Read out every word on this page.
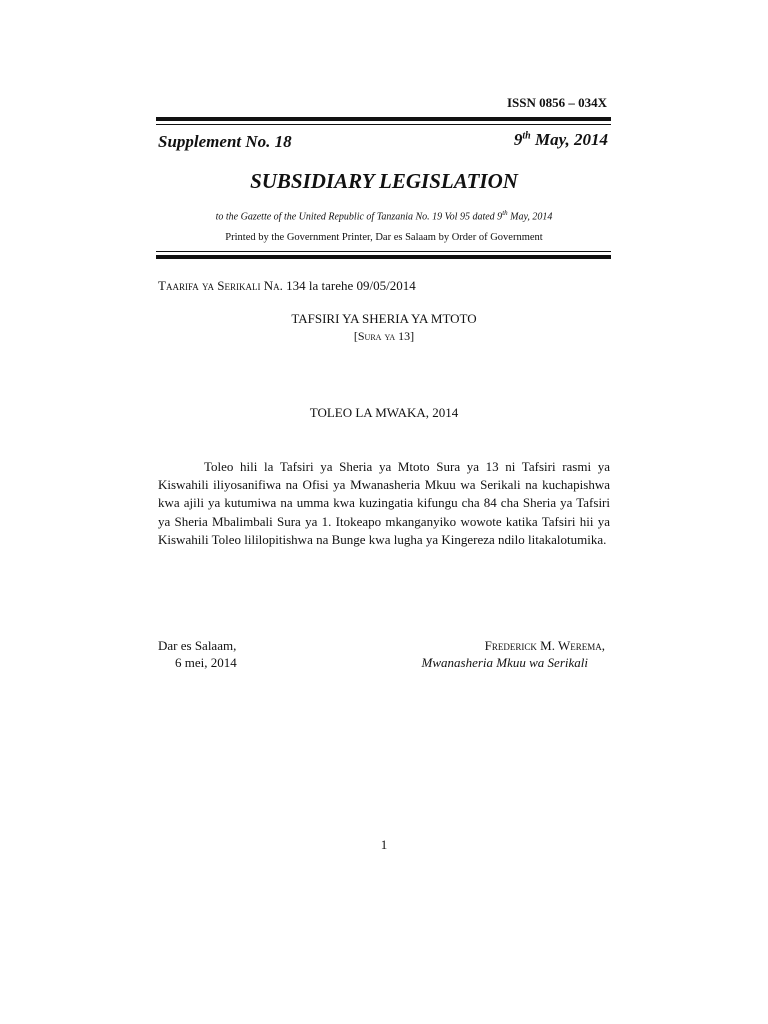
ISSN 0856 – 034X
Supplement No. 18	9th May, 2014
SUBSIDIARY LEGISLATION
to the Gazette of the United Republic of Tanzania No. 19 Vol 95 dated 9th May, 2014
Printed by the Government Printer, Dar es Salaam by Order of Government
Taarifa ya Serikali Na. 134 la tarehe 09/05/2014
TAFSIRI YA SHERIA YA MTOTO
[Sura ya 13]
TOLEO LA MWAKA, 2014
Toleo hili la Tafsiri ya Sheria ya Mtoto Sura ya 13 ni Tafsiri rasmi ya Kiswahili iliyosanifiwa na Ofisi ya Mwanasheria Mkuu wa Serikali na kuchapishwa kwa ajili ya kutumiwa na umma kwa kuzingatia kifungu cha 84 cha Sheria ya Tafsiri ya Sheria Mbalimbali Sura ya 1. Itokeapo mkanganyiko wowote katika Tafsiri hii ya Kiswahili Toleo lililopitishwa na Bunge kwa lugha ya Kingereza ndilo litakalotumika.
Dar es Salaam,
6 mei, 2014
Frederick M. Werema,
Mwanasheria Mkuu wa Serikali
1
